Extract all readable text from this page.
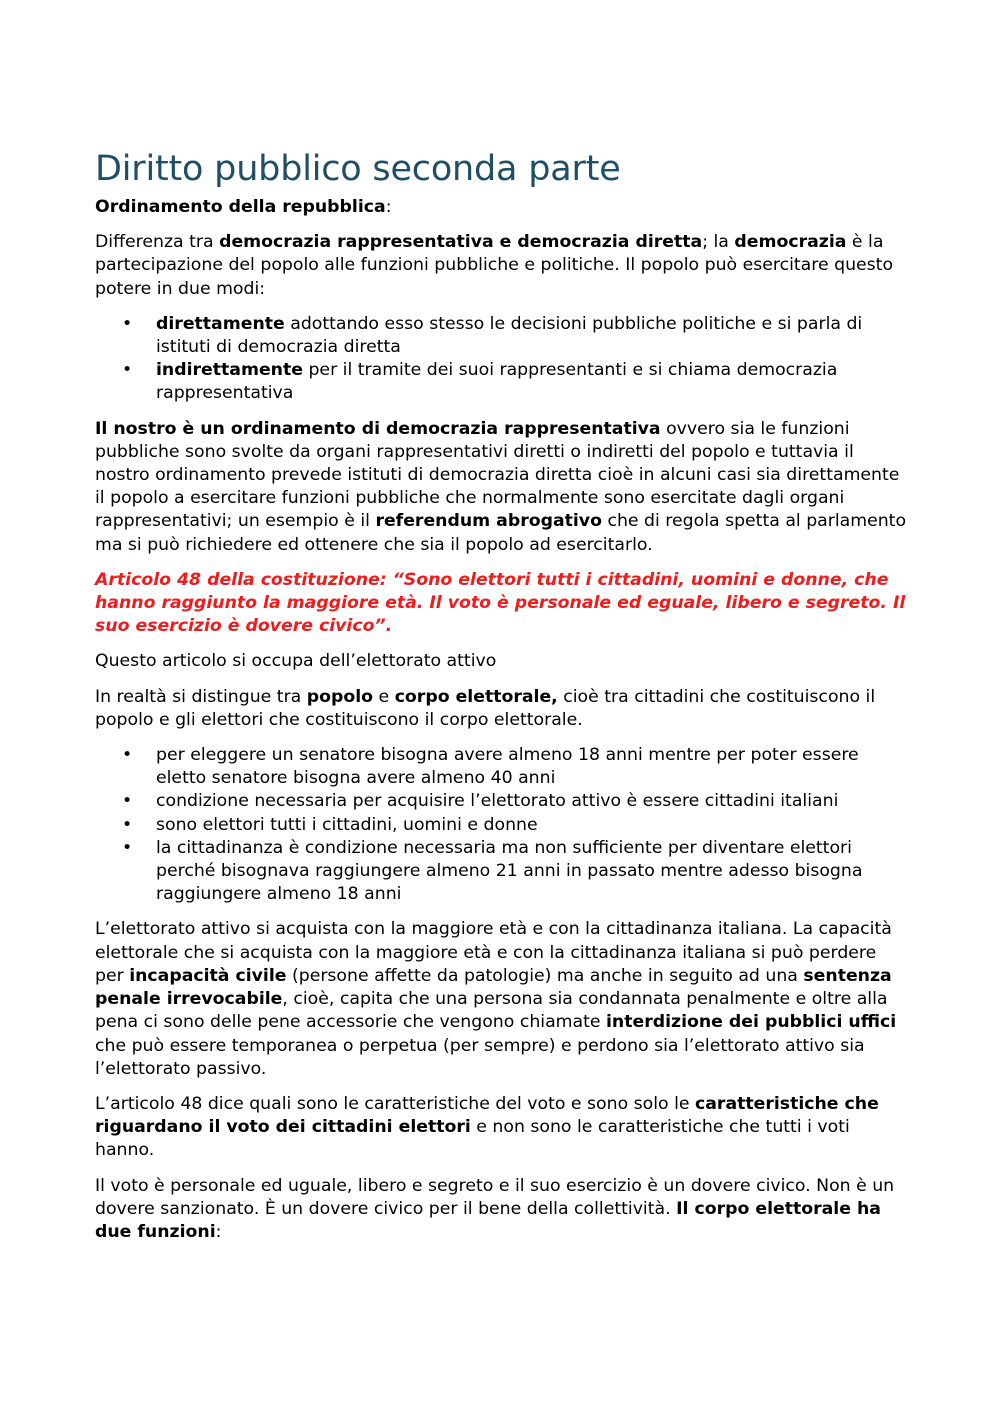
Diritto pubblico seconda parte

Ordinamento della repubblica:

Differenza tra democrazia rappresentativa e democrazia diretta; la democrazia è la partecipazione del popolo alle funzioni pubbliche e politiche. Il popolo può esercitare questo potere in due modi:

• direttamente adottando esso stesso le decisioni pubbliche politiche e si parla di istituti di democrazia diretta
• indirettamente per il tramite dei suoi rappresentanti e si chiama democrazia rappresentativa

Il nostro è un ordinamento di democrazia rappresentativa ovvero sia le funzioni pubbliche sono svolte da organi rappresentativi diretti o indiretti del popolo e tuttavia il nostro ordinamento prevede istituti di democrazia diretta cioè in alcuni casi sia direttamente il popolo a esercitare funzioni pubbliche che normalmente sono esercitate dagli organi rappresentativi; un esempio è il referendum abrogativo che di regola spetta al parlamento ma si può richiedere ed ottenere che sia il popolo ad esercitarlo.

Articolo 48 della costituzione: “Sono elettori tutti i cittadini, uomini e donne, che hanno raggiunto la maggiore età. Il voto è personale ed eguale, libero e segreto. Il suo esercizio è dovere civico”.

Questo articolo si occupa dell’elettorato attivo

In realtà si distingue tra popolo e corpo elettorale, cioè tra cittadini che costituiscono il popolo e gli elettori che costituiscono il corpo elettorale.

• per eleggere un senatore bisogna avere almeno 18 anni mentre per poter essere eletto senatore bisogna avere almeno 40 anni
• condizione necessaria per acquisire l’elettorato attivo è essere cittadini italiani
• sono elettori tutti i cittadini, uomini e donne
• la cittadinanza è condizione necessaria ma non sufficiente per diventare elettori perché bisognava raggiungere almeno 21 anni in passato mentre adesso bisogna raggiungere almeno 18 anni

L’elettorato attivo si acquista con la maggiore età e con la cittadinanza italiana. La capacità elettorale che si acquista con la maggiore età e con la cittadinanza italiana si può perdere per incapacità civile (persone affette da patologie) ma anche in seguito ad una sentenza penale irrevocabile, cioè, capita che una persona sia condannata penalmente e oltre alla pena ci sono delle pene accessorie che vengono chiamate interdizione dei pubblici uffici che può essere temporanea o perpetua (per sempre) e perdono sia l’elettorato attivo sia l’elettorato passivo.

L’articolo 48 dice quali sono le caratteristiche del voto e sono solo le caratteristiche che riguardano il voto dei cittadini elettori e non sono le caratteristiche che tutti i voti hanno.

Il voto è personale ed uguale, libero e segreto e il suo esercizio è un dovere civico. Non è un dovere sanzionato. È un dovere civico per il bene della collettività. Il corpo elettorale ha due funzioni:
